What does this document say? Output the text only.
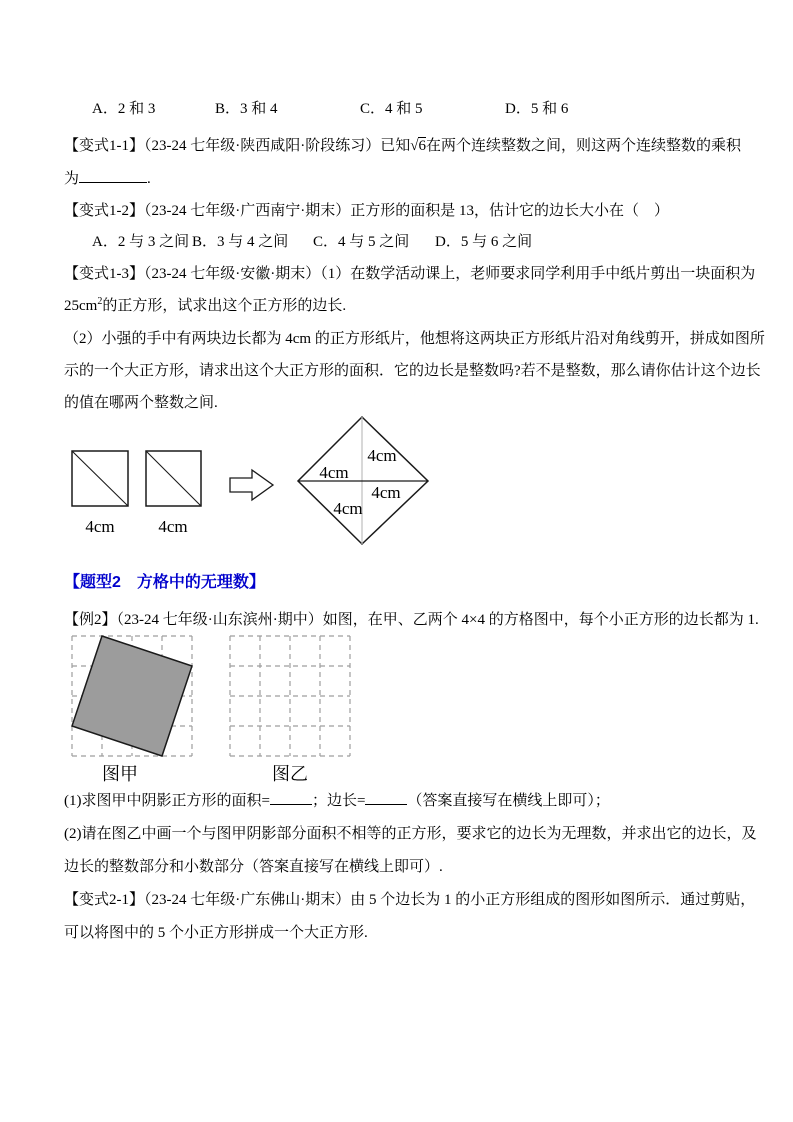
A．2 和 3	B．3 和 4	C．4 和 5	D．5 和 6
【变式1-1】（23-24 七年级·陕西咸阳·阶段练习）已知√6在两个连续整数之间，则这两个连续整数的乘积
为	.
【变式1-2】（23-24 七年级·广西南宁·期末）正方形的面积是 13，估计它的边长大小在（　）
A．2 与 3 之间 B．3 与 4 之间 C．4 与 5 之间 D．5 与 6 之间
【变式1-3】（23-24 七年级·安徽·期末）（1）在数学活动课上，老师要求同学利用手中纸片剪出一块面积为
$25cm^2$的正方形，试求出这个正方形的边长.
（2）小强的手中有两块边长都为 4cm 的正方形纸片，他想将这两块正方形纸片沿对角线剪开，拼成如图所
示的一个大正方形，请求出这个大正方形的面积．它的边长是整数吗?若不是整数，那么请你估计这个边长
的值在哪两个整数之间.
4cm	4cm
4cm
4cm
4cm
4cm
【题型2　方格中的无理数】
【例2】（23-24 七年级·山东滨州·期中）如图，在甲、乙两个 4×4 的方格图中，每个小正方形的边长都为 1.
图甲	图乙
(1)求图甲中阴影正方形的面积=	；边长=	（答案直接写在横线上即可）；
(2)请在图乙中画一个与图甲阴影部分面积不相等的正方形，要求它的边长为无理数，并求出它的边长，及
边长的整数部分和小数部分（答案直接写在横线上即可）.
【变式2-1】（23-24 七年级·广东佛山·期末）由 5 个边长为 1 的小正方形组成的图形如图所示．通过剪贴，
可以将图中的 5 个小正方形拼成一个大正方形.
